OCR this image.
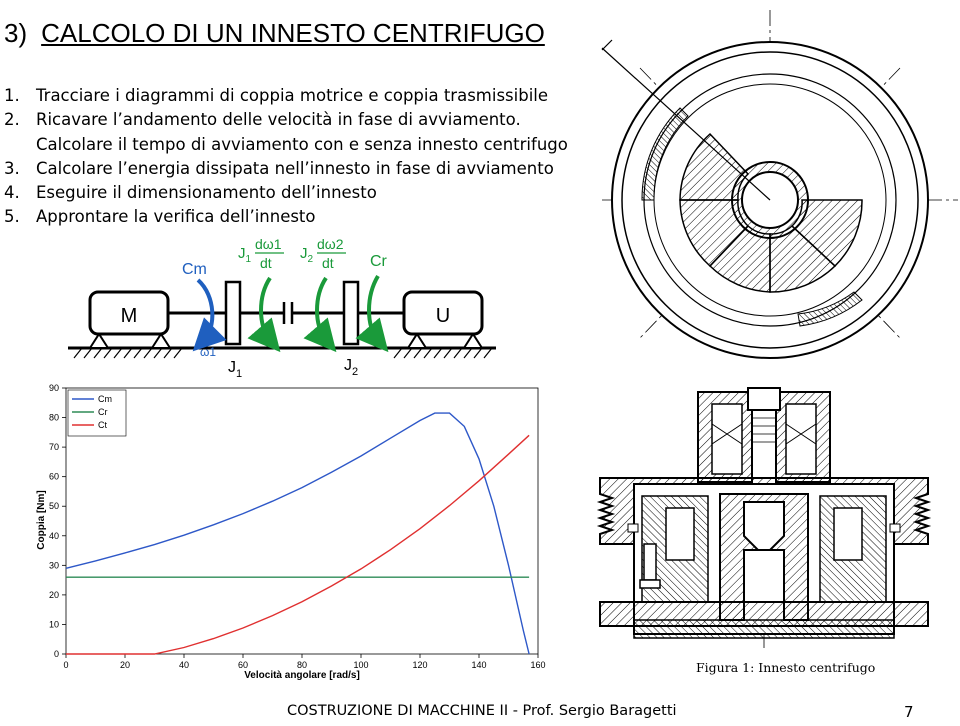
3) CALCOLO DI UN INNESTO CENTRIFUGO
1. Tracciare i diagrammi di coppia motrice e coppia trasmissibile
2. Ricavare l’andamento delle velocità in fase di avviamento.
Calcolare il tempo di avviamento con e senza innesto centrifugo
3. Calcolare l’energia dissipata nell’innesto in fase di avviamento
4. Eseguire il dimensionamento dell’innesto
5. Approntare la verifica dell’innesto
M	U
Cm	Cr
$J_1$
dω1
dt
$J_2$
dω2
dt
ω1
$J_1$	$J_2$
0	20	40	60	80	100	120	140	160
0
10
20
30
40
50
60
70
80
90
Cm
Cr
Ct
Velocità angolare [rad/s]
Coppia [Nm]
Figura 1: Innesto centrifugo
COSTRUZIONE DI MACCHINE II - Prof. Sergio Baragetti	7
